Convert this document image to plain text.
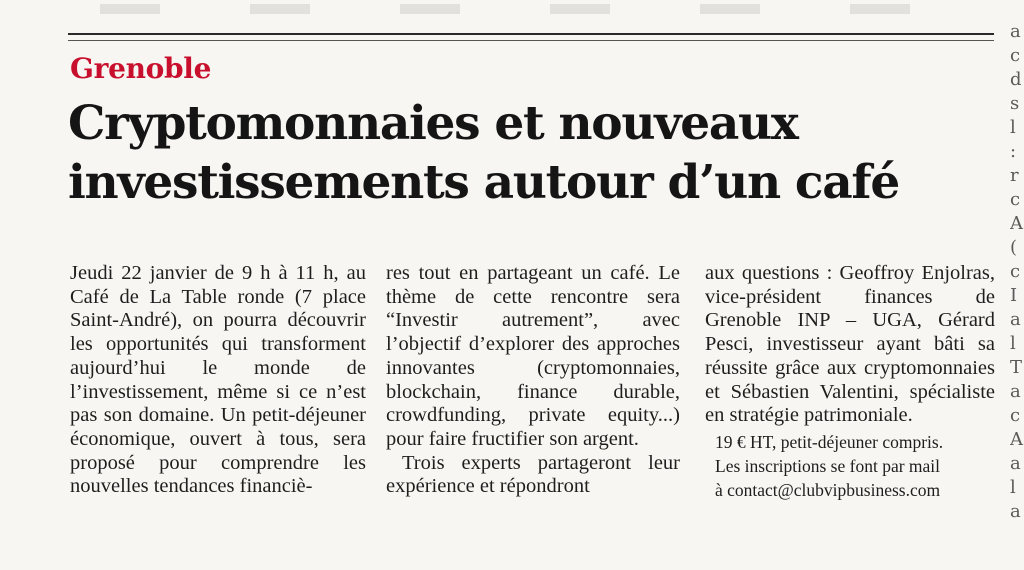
Grenoble
Cryptomonnaies et nouveaux investissements autour d’un café

Jeudi 22 janvier de 9 h à 11 h, au Café de La Table ronde (7 place Saint-André), on pourra découvrir les opportunités qui transforment aujourd’hui le monde de l’investissement, même si ce n’est pas son domaine. Un petit-déjeuner économique, ouvert à tous, sera proposé pour comprendre les nouvelles tendances financiè-

res tout en partageant un café. Le thème de cette rencontre sera “Investir autrement”, avec l’objectif d’explorer des approches innovantes (cryptomonnaies, blockchain, finance durable, crowdfunding, private equity...) pour faire fructifier son argent.

Trois experts partageront leur expérience et répondront

aux questions : Geoffroy Enjolras, vice-président finances de Grenoble INP – UGA, Gérard Pesci, investisseur ayant bâti sa réussite grâce aux cryptomonnaies et Sébastien Valentini, spécialiste en stratégie patrimoniale.

19 € HT, petit-déjeuner compris.
Les inscriptions se font par mail
à contact@clubvipbusiness.com

a
c
d
s
l
:
r
c
A
(
c
I
a
l
T
a
c
A
a
l
a
